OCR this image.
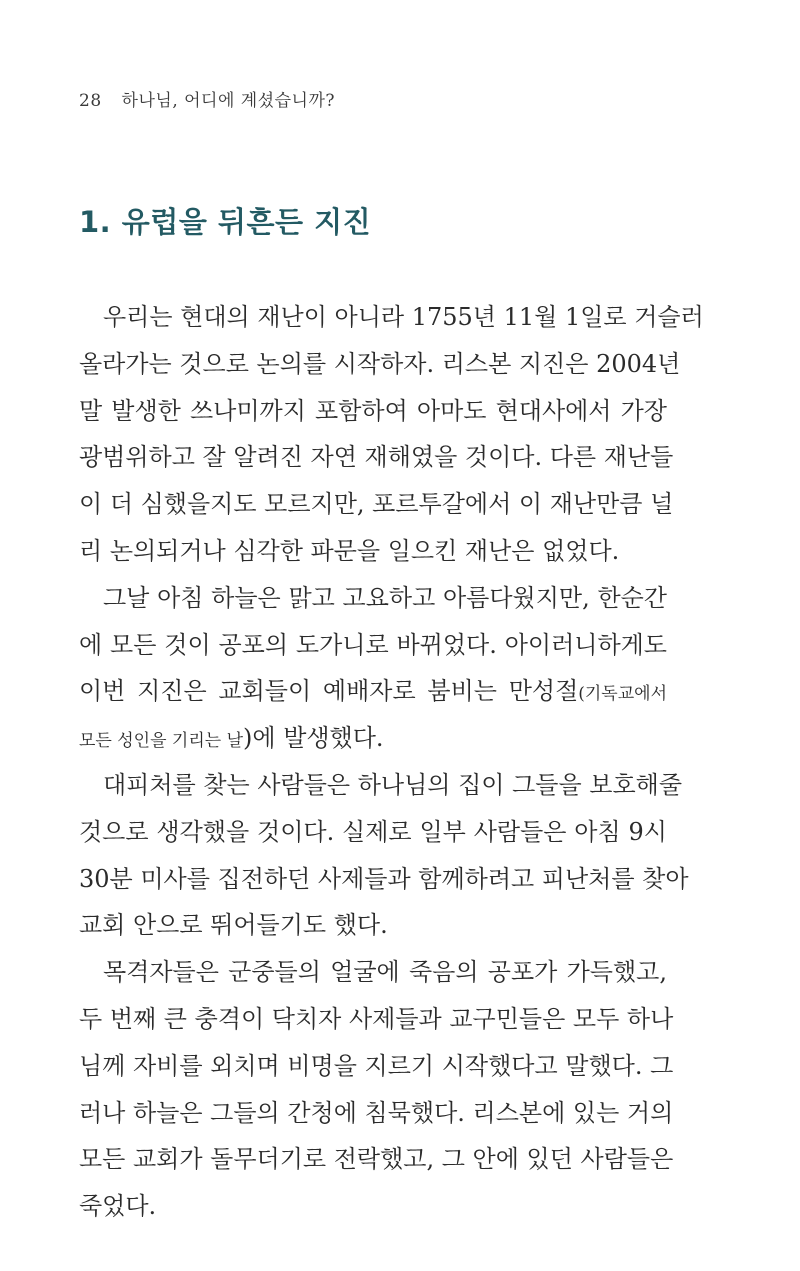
28 하나님, 어디에 계셨습니까?
1. 유럽을 뒤흔든 지진
우리는 현대의 재난이 아니라 1755년 11월 1일로 거슬러
올라가는 것으로 논의를 시작하자. 리스본 지진은 2004년
말 발생한 쓰나미까지 포함하여 아마도 현대사에서 가장
광범위하고 잘 알려진 자연 재해였을 것이다. 다른 재난들
이 더 심했을지도 모르지만, 포르투갈에서 이 재난만큼 널
리 논의되거나 심각한 파문을 일으킨 재난은 없었다.
그날 아침 하늘은 맑고 고요하고 아름다웠지만, 한순간
에 모든 것이 공포의 도가니로 바뀌었다. 아이러니하게도
이번 지진은 교회들이 예배자로 붐비는 만성절(기독교에서
모든 성인을 기리는 날)에 발생했다.
대피처를 찾는 사람들은 하나님의 집이 그들을 보호해줄
것으로 생각했을 것이다. 실제로 일부 사람들은 아침 9시
30분 미사를 집전하던 사제들과 함께하려고 피난처를 찾아
교회 안으로 뛰어들기도 했다.
목격자들은 군중들의 얼굴에 죽음의 공포가 가득했고,
두 번째 큰 충격이 닥치자 사제들과 교구민들은 모두 하나
님께 자비를 외치며 비명을 지르기 시작했다고 말했다. 그
러나 하늘은 그들의 간청에 침묵했다. 리스본에 있는 거의
모든 교회가 돌무더기로 전락했고, 그 안에 있던 사람들은
죽었다.
